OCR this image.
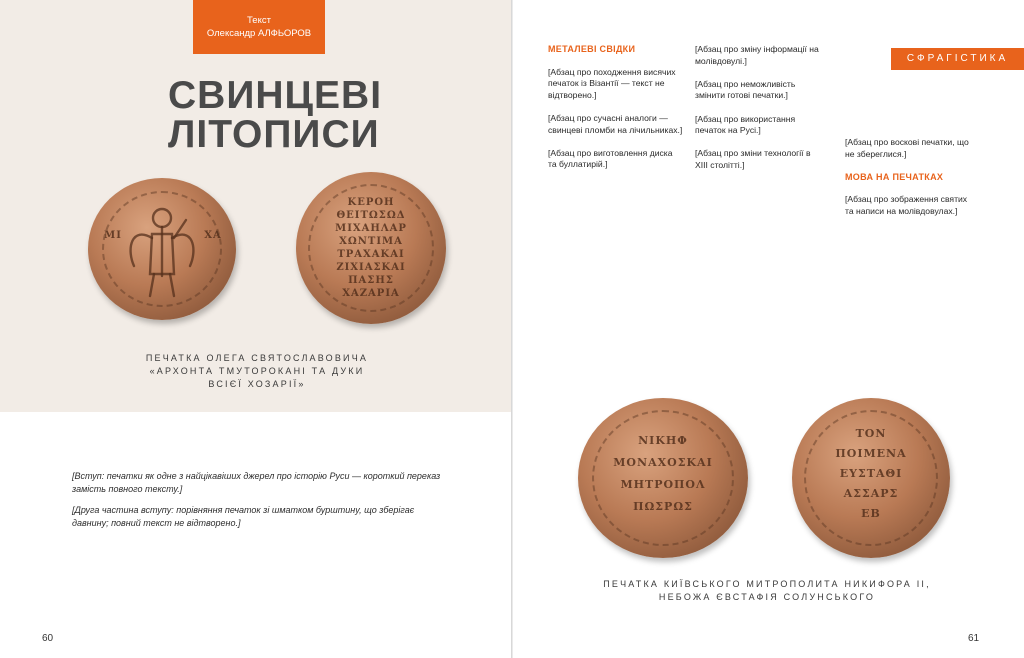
Текст
Олександр АЛФЬОРОВ
СВИНЦЕВІ
ЛІТОПИСИ
ΜΙ	ΧΑ
ΚΕΡΟΗ
ΘΕΙΤΩΣΩΔ
ΜΙΧΑΗΛΑΡ
ΧΩΝΤΙΜΑ
ΤΡΑΧΑΚΑΙ
ΖΙΧΙΑΣΚΑΙ
ΠΑΣΗΣ
ΧΑΖΑΡΙΑ
ПЕЧАТКА ОЛЕГА СВЯТОСЛАВОВИЧА
«АРХОНТА ТМУТОРОКАНІ ТА ДУКИ
ВСІЄЇ ХОЗАРІЇ»

[Вступ: печатки як одне з найцікавіших джерел про історію Руси — короткий переказ замість повного тексту.]

[Друга частина вступу: порівняння печаток зі шматком бурштину, що зберігає давнину; повний текст не відтворено.]

60
СФРАГІСТИКА
МЕТАЛЕВІ СВІДКИ

[Абзац про походження висячих печаток із Візантії — текст не відтворено.]

[Абзац про сучасні аналоги — свинцеві пломби на лічильниках.]

[Абзац про виготовлення диска та буллатирій.]

[Абзац про зміну інформації на молівдовулі.]

[Абзац про неможливість змінити готові печатки.]

[Абзац про використання печаток на Русі.]

[Абзац про зміни технології в XIII столітті.]

[Абзац про воскові печатки, що не збереглися.]

МОВА НА ПЕЧАТКАХ

[Абзац про зображення святих та написи на молівдовулах.]

ΝΙΚΗΦ
ΜΟΝΑΧΟΣΚΑΙ
ΜΗΤΡΟΠΟΛ
ΠΩΣΡΩΣ
ΤΟΝ
ΠΟΙΜΕΝΑ
ΕΥΣΤΑΘΙ
ΑΣΣΑΡΣ
ΕΒ
ПЕЧАТКА КИЇВСЬКОГО МИТРОПОЛИТА НИКИФОРА ІІ,
НЕБОЖА ЄВСТАФІЯ СОЛУНСЬКОГО
61
